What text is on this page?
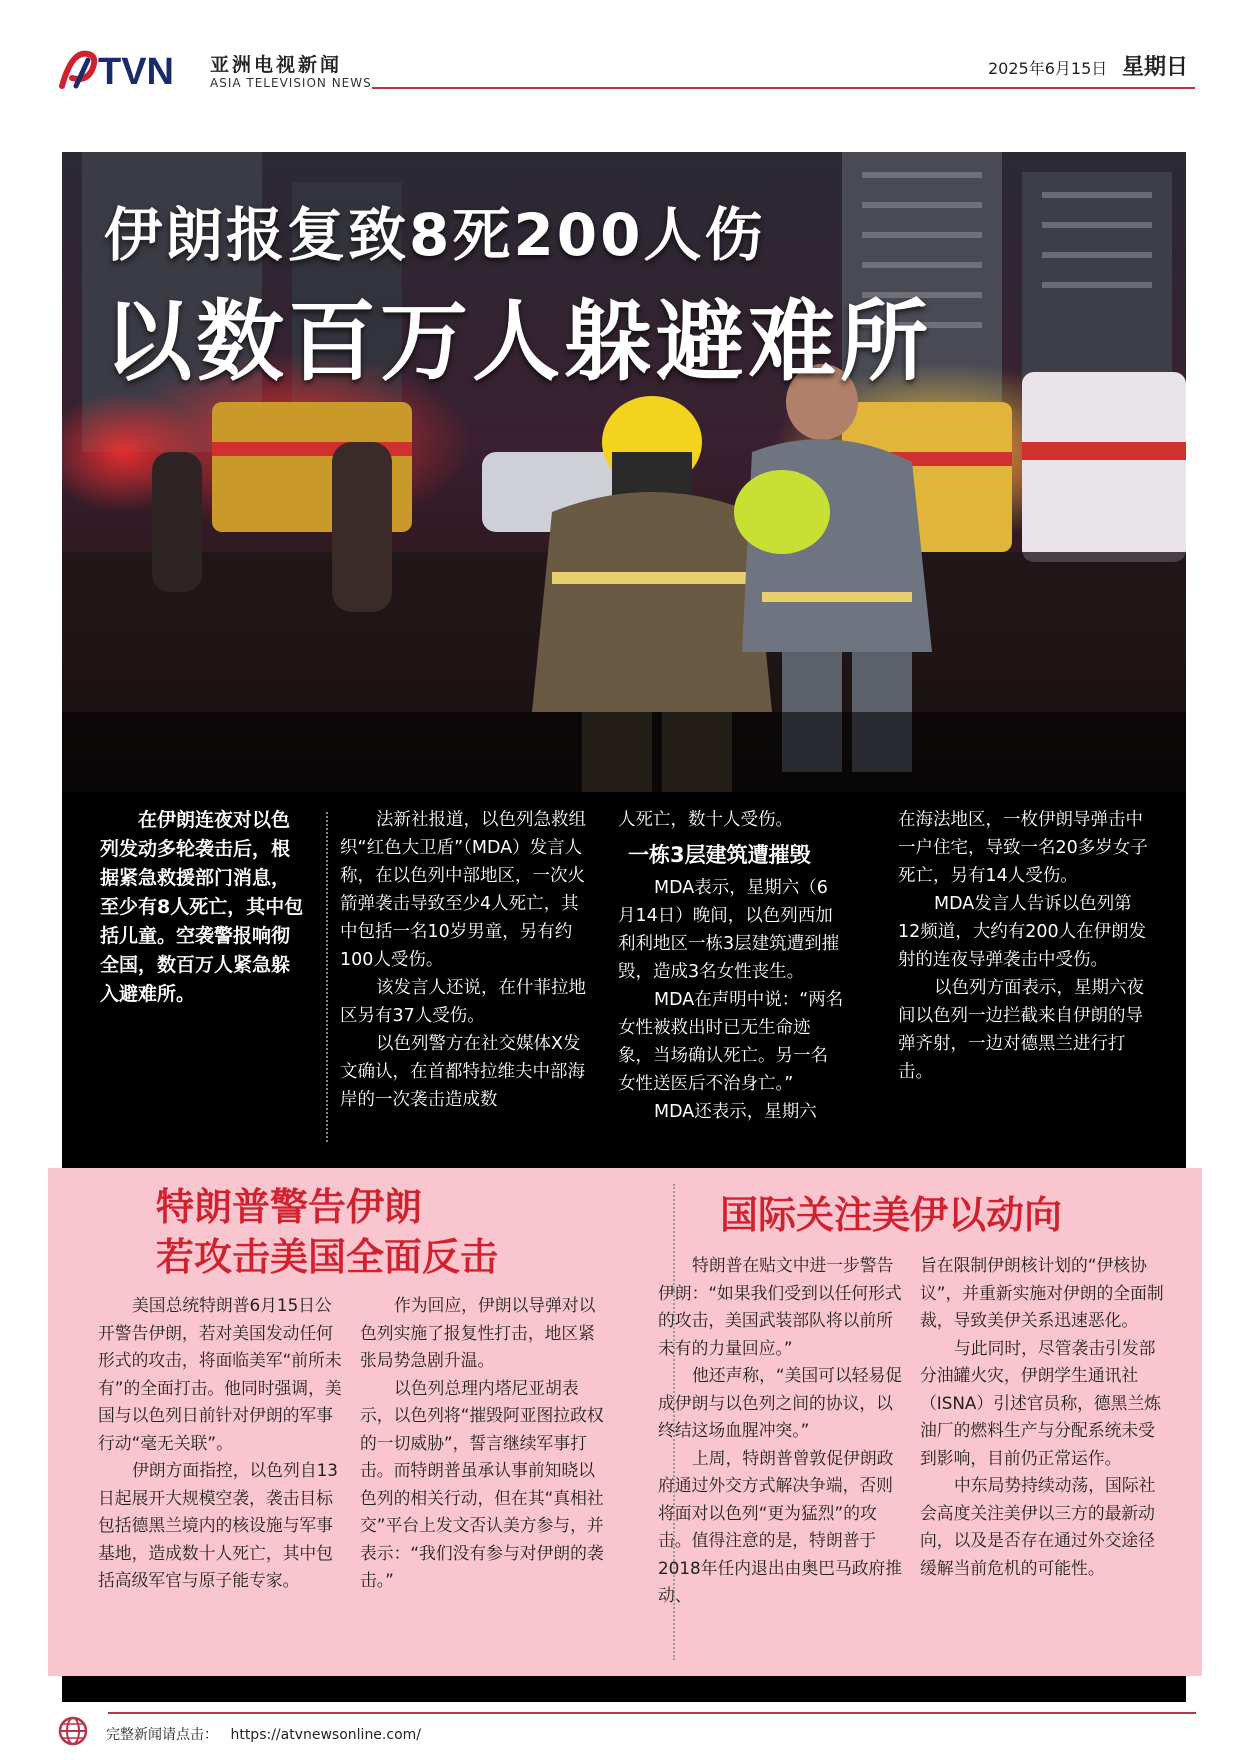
TVN 亚洲电视新闻
ASIA TELEVISION NEWS
2025年6月15日 星期日
伊朗报复致8死200人伤
以数百万人躲避难所
在伊朗连夜对以色列发动多轮袭击后，根据紧急救援部门消息，至少有8人死亡，其中包括儿童。空袭警报响彻全国，数百万人紧急躲入避难所。

法新社报道，以色列急救组织“红色大卫盾”（MDA）发言人称，在以色列中部地区，一次火箭弹袭击导致至少4人死亡，其中包括一名10岁男童，另有约100人受伤。

该发言人还说，在什菲拉地区另有37人受伤。

以色列警方在社交媒体X发文确认，在首都特拉维夫中部海岸的一次袭击造成数

人死亡，数十人受伤。

一栋3层建筑遭摧毁

MDA表示，星期六（6月14日）晚间，以色列西加利利地区一栋3层建筑遭到摧毁，造成3名女性丧生。

MDA在声明中说：“两名女性被救出时已无生命迹象，当场确认死亡。另一名女性送医后不治身亡。”

MDA还表示，星期六

在海法地区，一枚伊朗导弹击中一户住宅，导致一名20多岁女子死亡，另有14人受伤。

MDA发言人告诉以色列第12频道，大约有200人在伊朗发射的连夜导弹袭击中受伤。

以色列方面表示，星期六夜间以色列一边拦截来自伊朗的导弹齐射，一边对德黑兰进行打击。

特朗普警告伊朗
若攻击美国全面反击

美国总统特朗普6月15日公开警告伊朗，若对美国发动任何形式的攻击，将面临美军“前所未有”的全面打击。他同时强调，美国与以色列日前针对伊朗的军事行动“毫无关联”。

伊朗方面指控，以色列自13日起展开大规模空袭，袭击目标包括德黑兰境内的核设施与军事基地，造成数十人死亡，其中包括高级军官与原子能专家。

作为回应，伊朗以导弹对以色列实施了报复性打击，地区紧张局势急剧升温。

以色列总理内塔尼亚胡表示，以色列将“摧毁阿亚图拉政权的一切威胁”，誓言继续军事打击。而特朗普虽承认事前知晓以色列的相关行动，但在其“真相社交”平台上发文否认美方参与，并表示：“我们没有参与对伊朗的袭击。”

国际关注美伊以动向

特朗普在贴文中进一步警告伊朗：“如果我们受到以任何形式的攻击，美国武装部队将以前所未有的力量回应。”

他还声称，“美国可以轻易促成伊朗与以色列之间的协议，以终结这场血腥冲突。”

上周，特朗普曾敦促伊朗政府通过外交方式解决争端，否则将面对以色列“更为猛烈”的攻击。值得注意的是，特朗普于2018年任内退出由奥巴马政府推动、

旨在限制伊朗核计划的“伊核协议”，并重新实施对伊朗的全面制裁，导致美伊关系迅速恶化。

与此同时，尽管袭击引发部分油罐火灾，伊朗学生通讯社（ISNA）引述官员称，德黑兰炼油厂的燃料生产与分配系统未受到影响，目前仍正常运作。

中东局势持续动荡，国际社会高度关注美伊以三方的最新动向，以及是否存在通过外交途径缓解当前危机的可能性。

完整新闻请点击： https://atvnewsonline.com/
